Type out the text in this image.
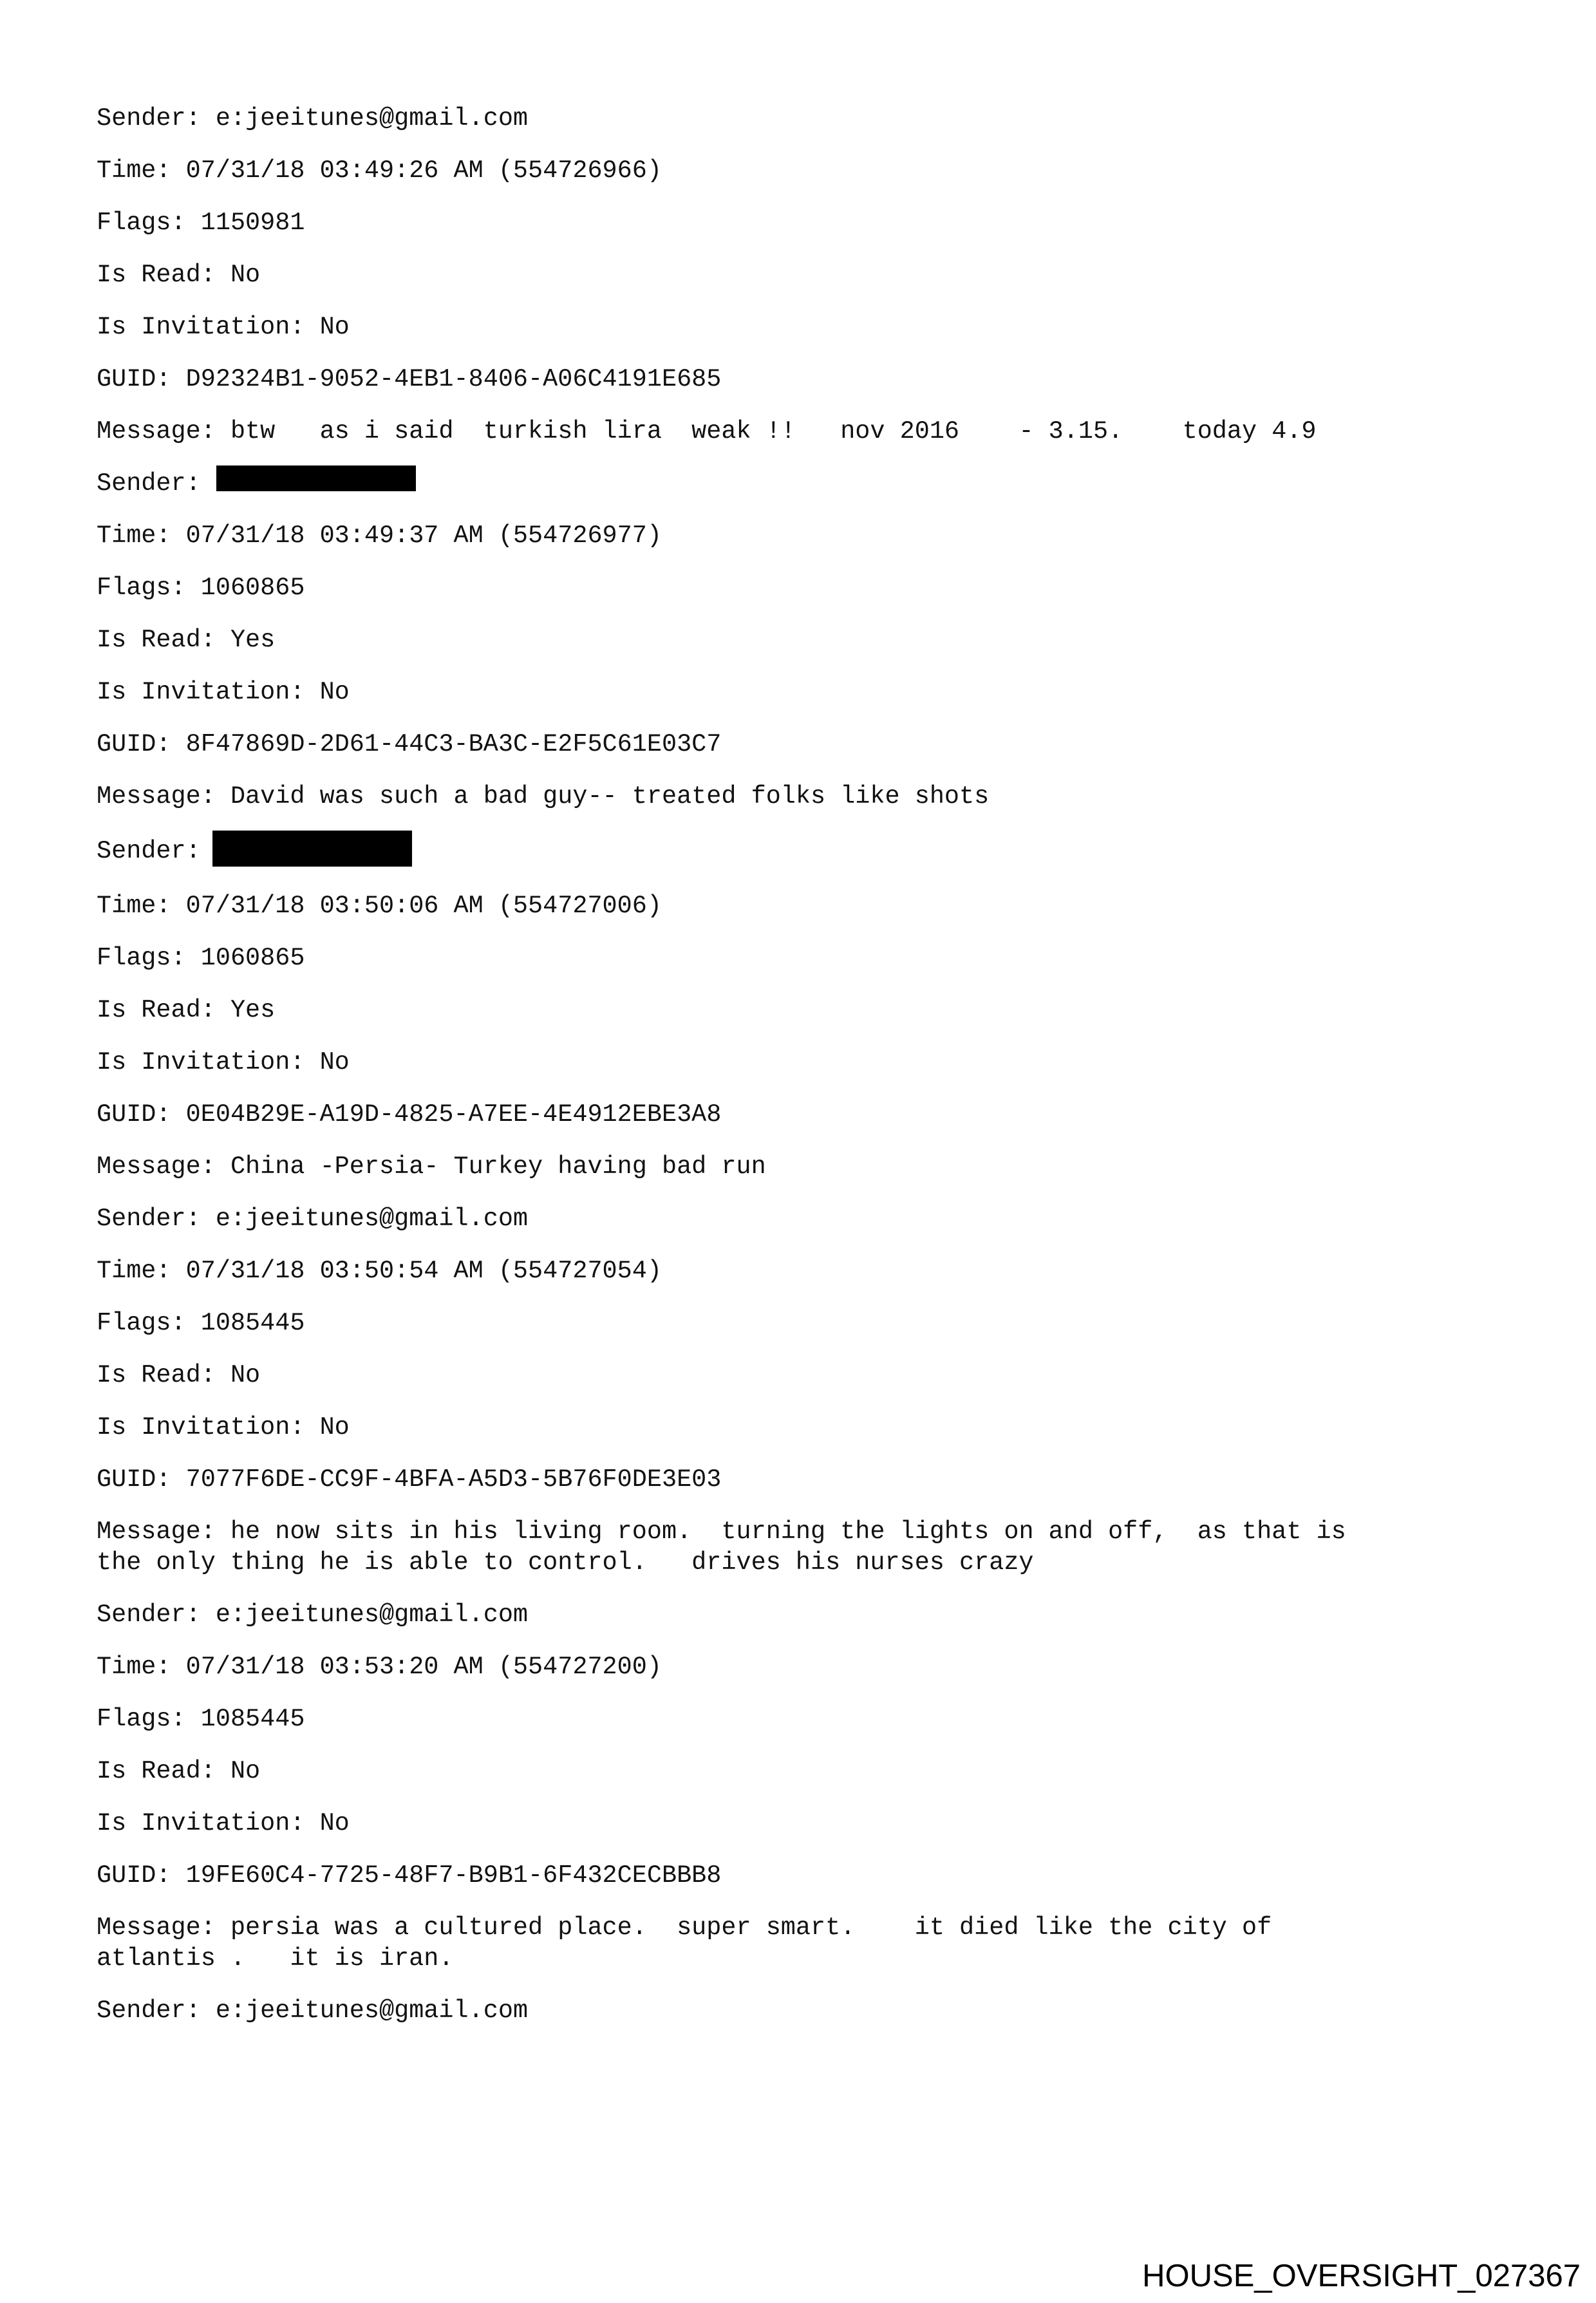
Sender: e:jeeitunes@gmail.com
Time: 07/31/18 03:49:26 AM (554726966)
Flags: 1150981
Is Read: No
Is Invitation: No
GUID: D92324B1-9052-4EB1-8406-A06C4191E685
Message: btw   as i said  turkish lira  weak !!   nov 2016    - 3.15.    today 4.9
Sender:
Time: 07/31/18 03:49:37 AM (554726977)
Flags: 1060865
Is Read: Yes
Is Invitation: No
GUID: 8F47869D-2D61-44C3-BA3C-E2F5C61E03C7
Message: David was such a bad guy-- treated folks like shots
Sender:
Time: 07/31/18 03:50:06 AM (554727006)
Flags: 1060865
Is Read: Yes
Is Invitation: No
GUID: 0E04B29E-A19D-4825-A7EE-4E4912EBE3A8
Message: China -Persia- Turkey having bad run
Sender: e:jeeitunes@gmail.com
Time: 07/31/18 03:50:54 AM (554727054)
Flags: 1085445
Is Read: No
Is Invitation: No
GUID: 7077F6DE-CC9F-4BFA-A5D3-5B76F0DE3E03
Message: he now sits in his living room.  turning the lights on and off,  as that is
the only thing he is able to control.   drives his nurses crazy
Sender: e:jeeitunes@gmail.com
Time: 07/31/18 03:53:20 AM (554727200)
Flags: 1085445
Is Read: No
Is Invitation: No
GUID: 19FE60C4-7725-48F7-B9B1-6F432CECBBB8
Message: persia was a cultured place.  super smart.    it died like the city of
atlantis .   it is iran.
Sender: e:jeeitunes@gmail.com
HOUSE_OVERSIGHT_027367
